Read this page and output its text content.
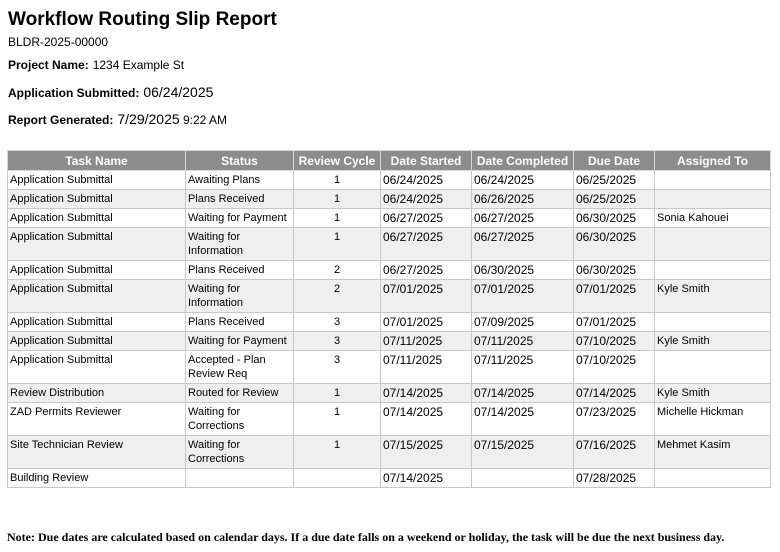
Workflow Routing Slip Report
BLDR-2025-00000
Project Name: 1234 Example St
Application Submitted: 06/24/2025
Report Generated: 7/29/2025 9:22 AM
Task Name	Status	Review Cycle	Date Started	Date Completed	Due Date	Assigned To
Application Submittal	Awaiting Plans	1	06/24/2025	06/24/2025	06/25/2025	
Application Submittal	Plans Received	1	06/24/2025	06/26/2025	06/25/2025	
Application Submittal	Waiting for Payment	1	06/27/2025	06/27/2025	06/30/2025	Sonia Kahouei
Application Submittal	Waiting for Information	1	06/27/2025	06/27/2025	06/30/2025	
Application Submittal	Plans Received	2	06/27/2025	06/30/2025	06/30/2025	
Application Submittal	Waiting for Information	2	07/01/2025	07/01/2025	07/01/2025	Kyle Smith
Application Submittal	Plans Received	3	07/01/2025	07/09/2025	07/01/2025	
Application Submittal	Waiting for Payment	3	07/11/2025	07/11/2025	07/10/2025	Kyle Smith
Application Submittal	Accepted - Plan Review Req	3	07/11/2025	07/11/2025	07/10/2025	
Review Distribution	Routed for Review	1	07/14/2025	07/14/2025	07/14/2025	Kyle Smith
ZAD Permits Reviewer	Waiting for Corrections	1	07/14/2025	07/14/2025	07/23/2025	Michelle Hickman
Site Technician Review	Waiting for Corrections	1	07/15/2025	07/15/2025	07/16/2025	Mehmet Kasim
Building Review			07/14/2025		07/28/2025	
Note: Due dates are calculated based on calendar days. If a due date falls on a weekend or holiday, the task will be due the next business day.
